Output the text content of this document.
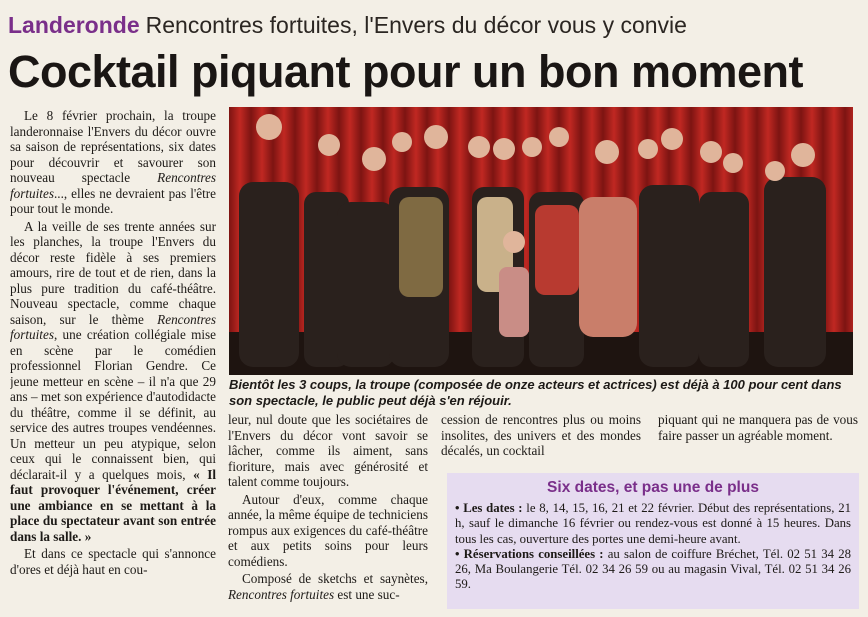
Landeronde Rencontres fortuites, l'Envers du décor vous y convie
Cocktail piquant pour un bon moment

Le 8 février prochain, la troupe landeronnaise l'Envers du décor ouvre sa saison de représentations, six dates pour découvrir et savourer son nouveau spectacle Rencontres fortuites..., elles ne devraient pas l'être pour tout le monde.

A la veille de ses trente années sur les planches, la troupe l'Envers du décor reste fidèle à ses premiers amours, rire de tout et de rien, dans la plus pure tradition du café-théâtre. Nouveau spectacle, comme chaque saison, sur le thème Rencontres fortuites, une création collégiale mise en scène par le comédien professionnel Florian Gendre. Ce jeune metteur en scène – il n'a que 29 ans – met son expérience d'autodidacte du théâtre, comme il se définit, au service des autres troupes vendéennes. Un metteur un peu atypique, selon ceux qui le connaissent bien, qui déclarait-il y a quelques mois, « Il faut provoquer l'événement, créer une ambiance en se mettant à la place du spectateur avant son entrée dans la salle. »

Et dans ce spectacle qui s'annonce d'ores et déjà haut en cou-

Bientôt les 3 coups, la troupe (composée de onze acteurs et actrices) est déjà à 100 pour cent dans son spectacle, le public peut déjà s'en réjouir.

leur, nul doute que les sociétaires de l'Envers du décor vont savoir se lâcher, comme ils aiment, sans fioriture, mais avec générosité et talent comme toujours.

Autour d'eux, comme chaque année, la même équipe de techniciens rompus aux exigences du café-théâtre et aux petits soins pour leurs comédiens.

Composé de sketchs et saynètes, Rencontres fortuites est une suc-

cession de rencontres plus ou moins insolites, des univers et des mondes décalés, un cocktail

piquant qui ne manquera pas de vous faire passer un agréable moment.

Six dates, et pas une de plus

• Les dates : le 8, 14, 15, 16, 21 et 22 février. Début des représentations, 21 h, sauf le dimanche 16 février ou rendez-vous est donné à 15 heures. Dans tous les cas, ouverture des portes une demi-heure avant.

• Réservations conseillées : au salon de coiffure Bréchet, Tél. 02 51 34 28 26, Ma Boulangerie Tél. 02 34 26 59 ou au magasin Vival, Tél. 02 51 34 26 59.
